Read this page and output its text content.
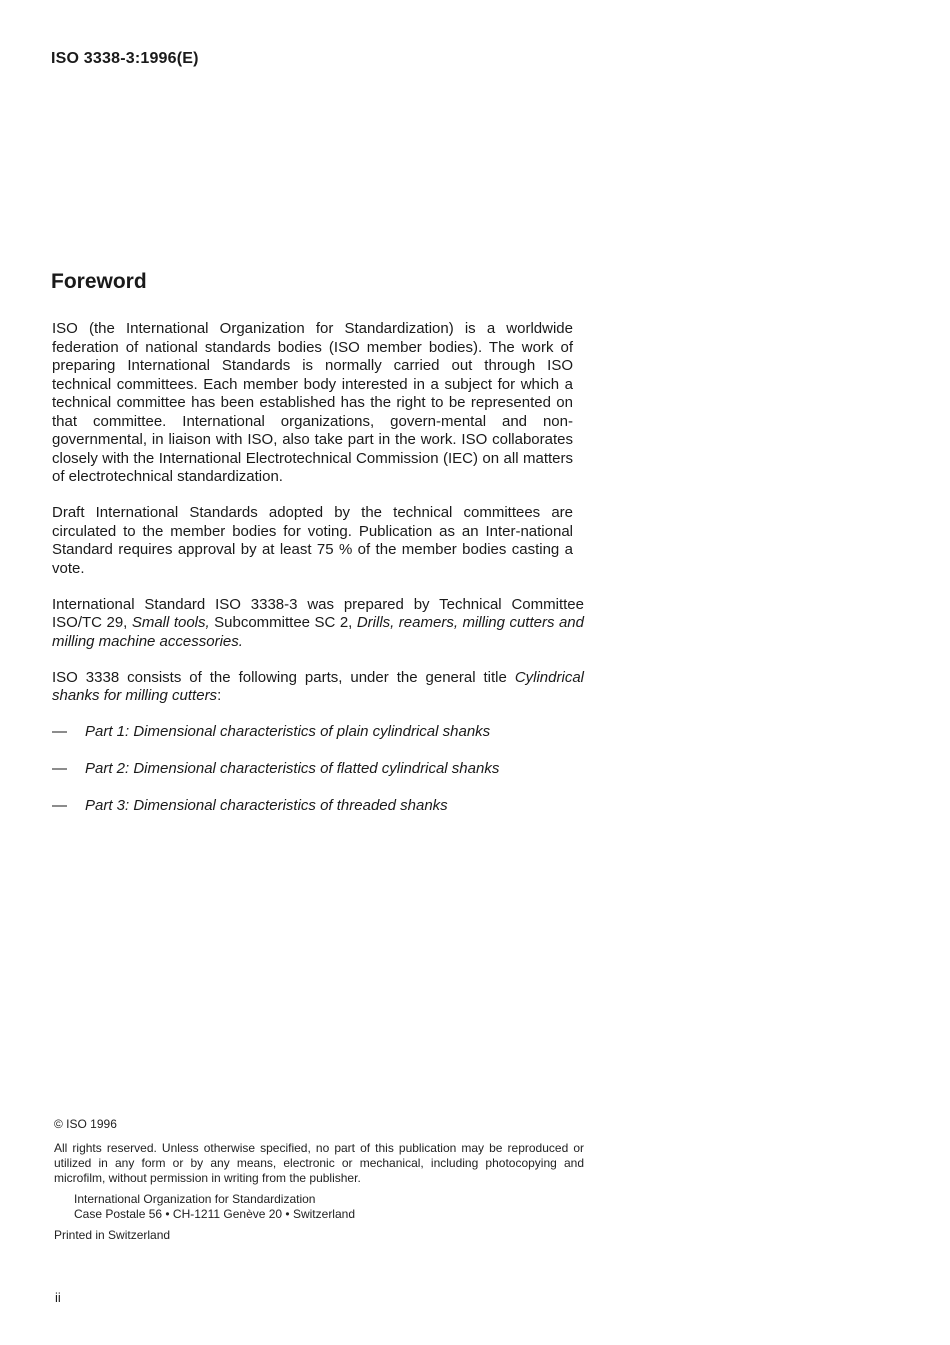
ISO 3338-3:1996(E)
Foreword

ISO (the International Organization for Standardization) is a worldwide federation of national standards bodies (ISO member bodies). The work of preparing International Standards is normally carried out through ISO technical committees. Each member body interested in a subject for which a technical committee has been established has the right to be represented on that committee. International organizations, govern-mental and non-governmental, in liaison with ISO, also take part in the work. ISO collaborates closely with the International Electrotechnical Commission (IEC) on all matters of electrotechnical standardization.

Draft International Standards adopted by the technical committees are circulated to the member bodies for voting. Publication as an Inter-national Standard requires approval by at least 75 % of the member bodies casting a vote.

International Standard ISO 3338-3 was prepared by Technical Committee ISO/TC 29, Small tools, Subcommittee SC 2, Drills, reamers, milling cutters and milling machine accessories.

ISO 3338 consists of the following parts, under the general title Cylindrical shanks for milling cutters:

—	Part 1: Dimensional characteristics of plain cylindrical shanks
—	Part 2: Dimensional characteristics of flatted cylindrical shanks
—	Part 3: Dimensional characteristics of threaded shanks

© ISO 1996

All rights reserved. Unless otherwise specified, no part of this publication may be reproduced or utilized in any form or by any means, electronic or mechanical, including photocopying and microfilm, without permission in writing from the publisher.

International Organization for Standardization
Case Postale 56 • CH-1211 Genève 20 • Switzerland

Printed in Switzerland

ii
